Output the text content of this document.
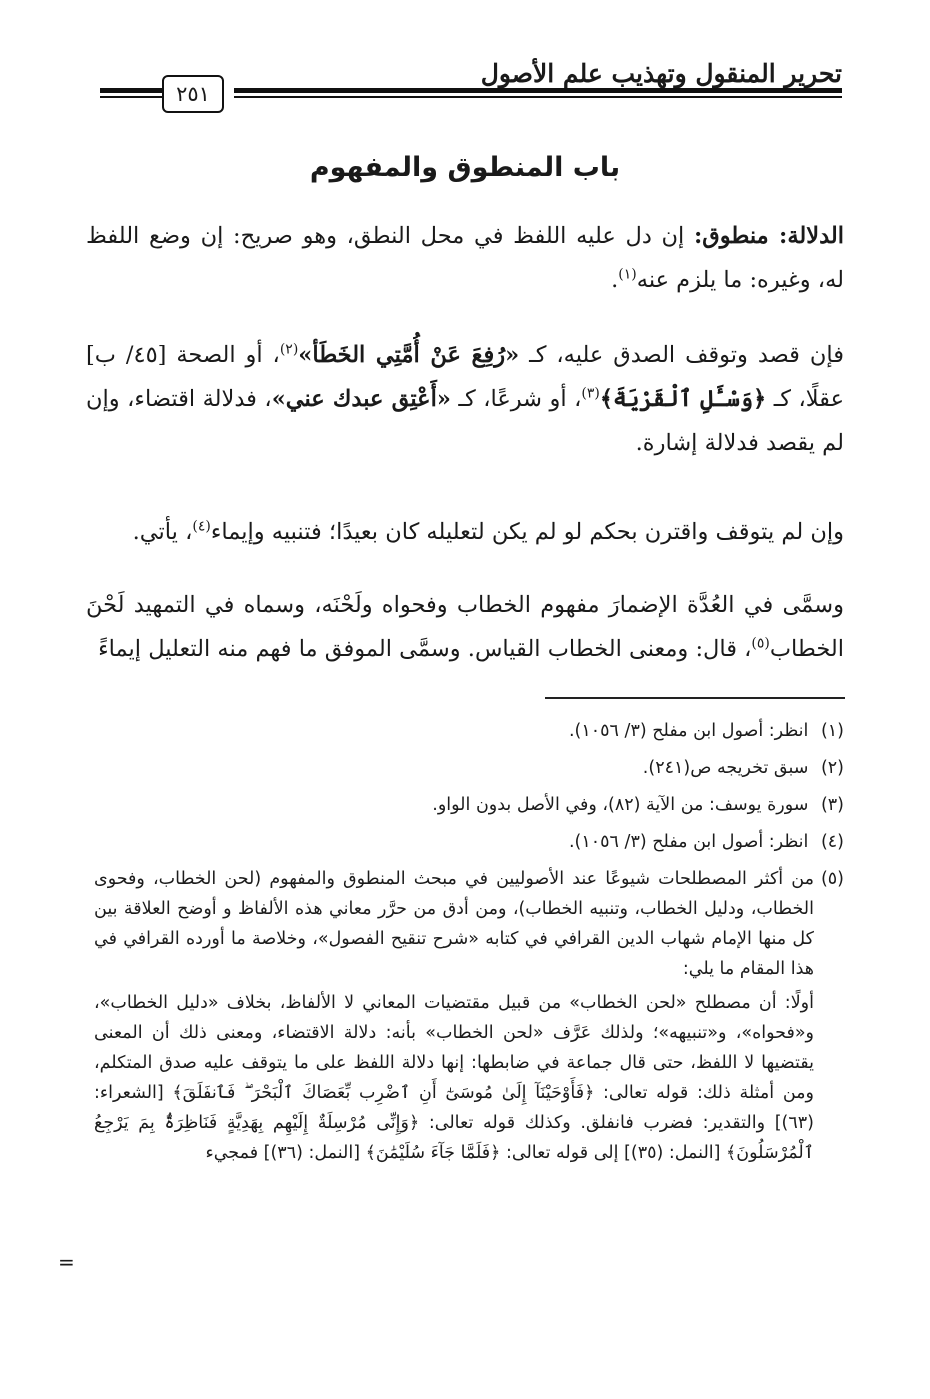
تحرير المنقول وتهذيب علم الأصول
٢٥١
باب المنطوق والمفهوم

الدلالة: منطوق: إن دل عليه اللفظ في محل النطق، وهو صريح: إن وضع اللفظ له، وغيره: ما يلزم عنه$^{(١)}$.

فإن قصد وتوقف الصدق عليه، كـ «رُفِعَ عَنْ أُمَّتِي الخَطَأ»$^{(٢)}$، أو الصحة [٤٥/ ب] عقلًا، كـ ﴿وَسْـَٔلِ ٱلْقَرْيَةَ﴾$^{(٣)}$، أو شرعًا، كـ «أَعْتِق عبدك عني»، فدلالة اقتضاء، وإن لم يقصد فدلالة إشارة.

وإن لم يتوقف واقترن بحكم لو لم يكن لتعليله كان بعيدًا؛ فتنبيه وإيماء$^{(٤)}$، يأتي.

وسمَّى في العُدَّة الإضمارَ مفهوم الخطاب وفحواه ولَحْنَه، وسماه في التمهيد لَحْنَ الخطاب$^{(٥)}$، قال: ومعنى الخطاب القياس. وسمَّى الموفق ما فهم منه التعليل إيماءً

(١) انظر: أصول ابن مفلح (٣/ ١٠٥٦).

(٢) سبق تخريجه ص(٢٤١).

(٣) سورة يوسف: من الآية (٨٢)، وفي الأصل بدون الواو.

(٤) انظر: أصول ابن مفلح (٣/ ١٠٥٦).

(٥)من أكثر المصطلحات شيوعًا عند الأصوليين في مبحث المنطوق والمفهوم (لحن الخطاب، وفحوى الخطاب، ودليل الخطاب، وتنبيه الخطاب)، ومن أدق من حرَّر معاني هذه الألفاظ و أوضح العلاقة بين كل منها الإمام شهاب الدين القرافي في كتابه «شرح تنقيح الفصول»، وخلاصة ما أورده القرافي في هذا المقام ما يلي:

أولًا: أن مصطلح «لحن الخطاب» من قبيل مقتضيات المعاني لا الألفاظ، بخلاف «دليل الخطاب»، و«فحواه»، و«تنبيهه»؛ ولذلك عَرَّف «لحن الخطاب» بأنه: دلالة الاقتضاء، ومعنى ذلك أن المعنى يقتضيها لا اللفظ، حتى قال جماعة في ضابطها: إنها دلالة اللفظ على ما يتوقف عليه صدق المتكلم، ومن أمثلة ذلك: قوله تعالى: ﴿فَأَوْحَيْنَآ إِلَىٰ مُوسَىٰٓ أَنِ ٱضْرِب بِّعَصَاكَ ٱلْبَحْرَ ۖ فَٱنفَلَقَ﴾ [الشعراء: (٦٣)] والتقدير: فضرب فانفلق. وكذلك قوله تعالى: ﴿وَإِنِّى مُرْسِلَةٌ إِلَيْهِم بِهَدِيَّةٍ فَنَاظِرَةٌۢ بِمَ يَرْجِعُ ٱلْمُرْسَلُونَ﴾ [النمل: (٣٥)] إلى قوله تعالى: ﴿فَلَمَّا جَآءَ سُلَيْمَٰنَ﴾ [النمل: (٣٦)] فمجيء

=
